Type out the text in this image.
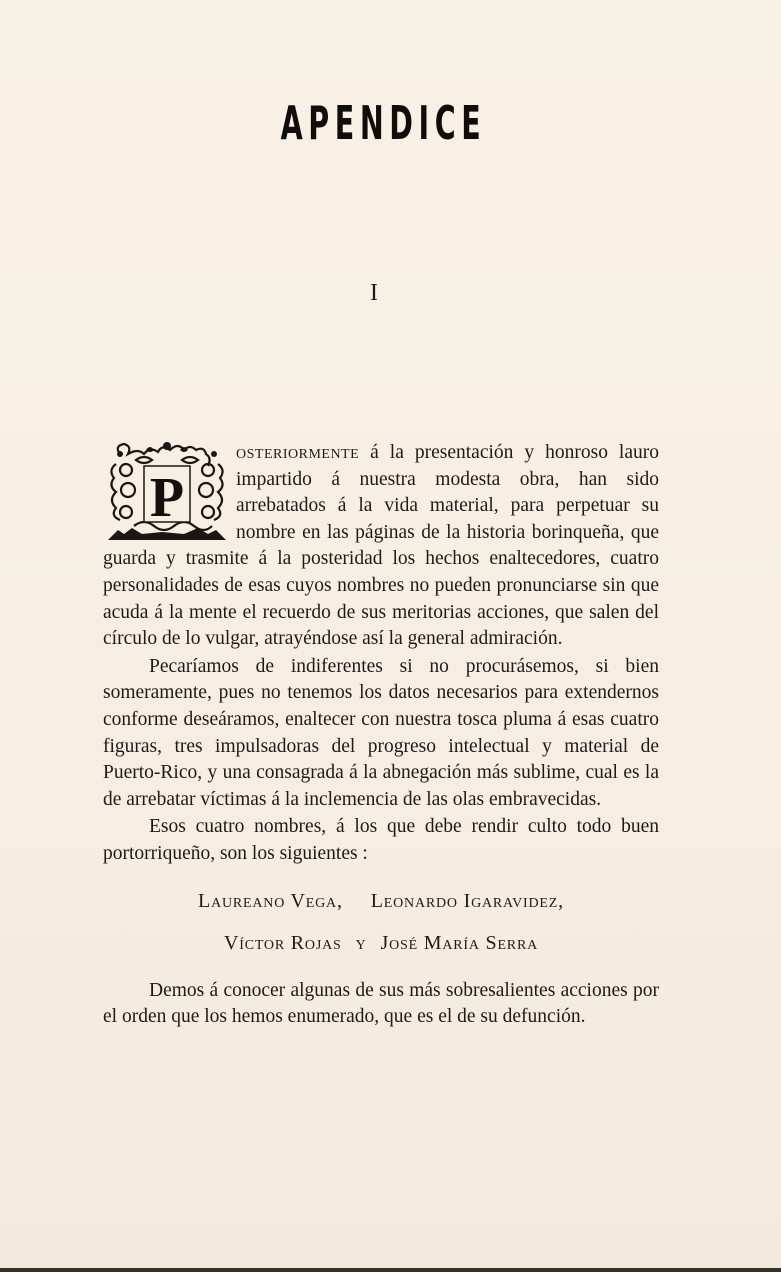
APENDICE
I

P
osteriormente á la presentación y honroso lauro impartido á nuestra modesta obra, han sido arrebatados á la vida material, para perpetuar su nombre en las páginas de la historia borinqueña, que guarda y trasmite á la posteridad los hechos enaltecedores, cuatro personalidades de esas cuyos nombres no pueden pronunciarse sin que acuda á la mente el recuerdo de sus meritorias acciones, que salen del círculo de lo vulgar, atrayéndose así la general admiración.

Pecaríamos de indiferentes si no procurásemos, si bien someramente, pues no tenemos los datos necesarios para extendernos conforme deseáramos, enaltecer con nuestra tosca pluma á esas cuatro figuras, tres impulsadoras del progreso intelectual y material de Puerto-Rico, y una consagrada á la abnegación más sublime, cual es la de arrebatar víctimas á la inclemencia de las olas embravecidas.

Esos cuatro nombres, á los que debe rendir culto todo buen portorriqueño, son los siguientes :

Laureano Vega, Leonardo Igaravidez,

Víctor Rojas y José María Serra

Demos á conocer algunas de sus más sobresalientes acciones por el orden que los hemos enumerado, que es el de su defunción.
